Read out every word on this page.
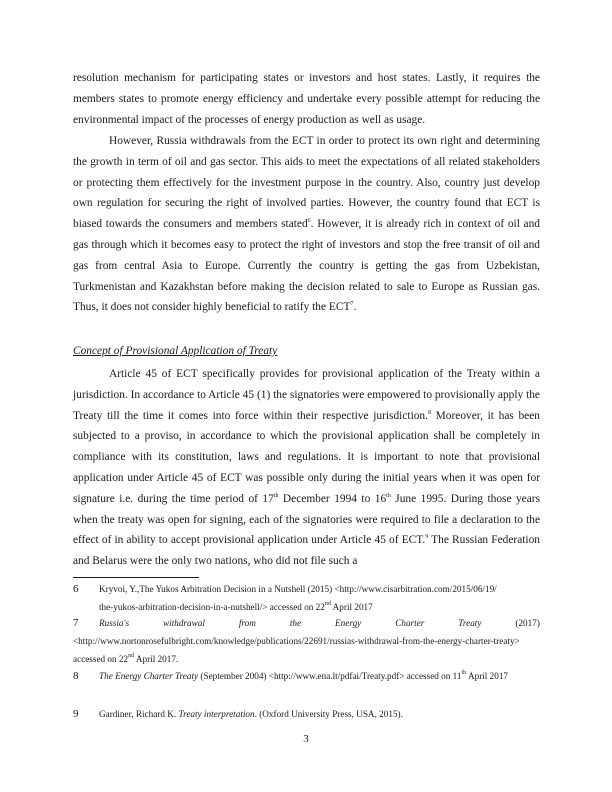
resolution mechanism for participating states or investors and host states. Lastly, it requires the members states to promote energy efficiency and undertake every possible attempt for reducing the environmental impact of the processes of energy production as well as usage.

However, Russia withdrawals from the ECT in order to protect its own right and determining the growth in term of oil and gas sector. This aids to meet the expectations of all related stakeholders or protecting them effectively for the investment purpose in the country. Also, country just develop own regulation for securing the right of involved parties. However, the country found that ECT is biased towards the consumers and members stated$^6$. However, it is already rich in context of oil and gas through which it becomes easy to protect the right of investors and stop the free transit of oil and gas from central Asia to Europe. Currently the country is getting the gas from Uzbekistan, Turkmenistan and Kazakhstan before making the decision related to sale to Europe as Russian gas. Thus, it does not consider highly beneficial to ratify the ECT$^7$.

Concept of Provisional Application of Treaty

Article 45 of ECT specifically provides for provisional application of the Treaty within a jurisdiction. In accordance to Article 45 (1) the signatories were empowered to provisionally apply the Treaty till the time it comes into force within their respective jurisdiction.$^8$ Moreover, it has been subjected to a proviso, in accordance to which the provisional application shall be completely in compliance with its constitution, laws and regulations. It is important to note that provisional application under Article 45 of ECT was possible only during the initial years when it was open for signature i.e. during the time period of 17th December 1994 to 16th June 1995. During those years when the treaty was open for signing, each of the signatories were required to file a declaration to the effect of in ability to accept provisional application under Article 45 of ECT.$^9$ The Russian Federation and Belarus were the only two nations, who did not file such a

6 Kryvoi, Y.,The Yukos Arbitration Decision in a Nutshell (2015) <http://www.cisarbitration.com/2015/06/19/

the-yukos-arbitration-decision-in-a-nutshell/> accessed on 22nd April 2017

7 Russia's	withdrawal	from	the	Energy	Charter	Treaty	(2017)

<http://www.nortonrosefulbright.com/knowledge/publications/22691/russias-withdrawal-from-the-energy-charter-treaty> accessed on 22nd April 2017.

8 The Energy Charter Treaty (September 2004) <http://www.ena.lt/pdfai/Treaty.pdf> accessed on 11th April 2017

9 Gardiner, Richard K. Treaty interpretation. (Oxford University Press, USA, 2015).

3
